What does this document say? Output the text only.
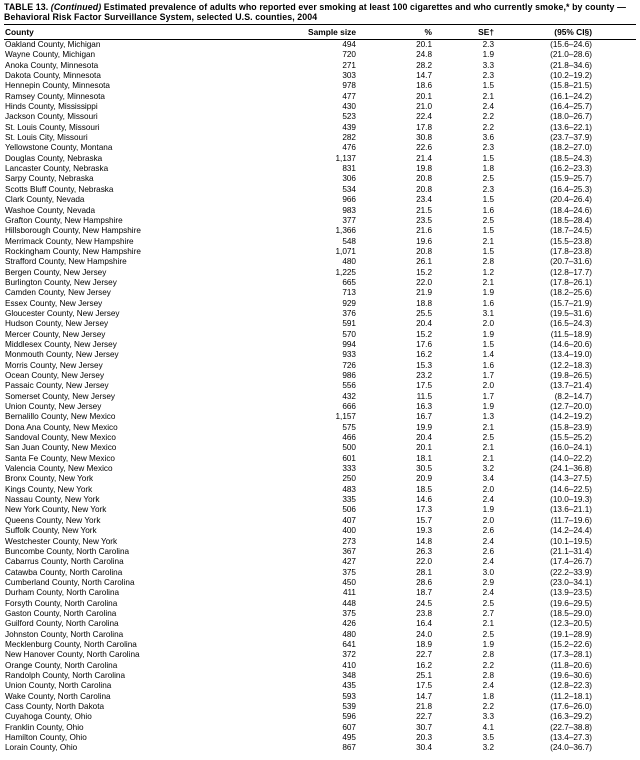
TABLE 13. (Continued) Estimated prevalence of adults who reported ever smoking at least 100 cigarettes and who currently smoke,* by county — Behavioral Risk Factor Surveillance System, selected U.S. counties, 2004
County	Sample size	%	SE†	(95% CI§)
Oakland County, Michigan	494	20.1	2.3	(15.6–24.6)
Wayne County, Michigan	720	24.8	1.9	(21.0–28.6)
Anoka County, Minnesota	271	28.2	3.3	(21.8–34.6)
Dakota County, Minnesota	303	14.7	2.3	(10.2–19.2)
Hennepin County, Minnesota	978	18.6	1.5	(15.8–21.5)
Ramsey County, Minnesota	477	20.1	2.1	(16.1–24.2)
Hinds County, Mississippi	430	21.0	2.4	(16.4–25.7)
Jackson County, Missouri	523	22.4	2.2	(18.0–26.7)
St. Louis County, Missouri	439	17.8	2.2	(13.6–22.1)
St. Louis City, Missouri	282	30.8	3.6	(23.7–37.9)
Yellowstone County, Montana	476	22.6	2.3	(18.2–27.0)
Douglas County, Nebraska	1,137	21.4	1.5	(18.5–24.3)
Lancaster County, Nebraska	831	19.8	1.8	(16.2–23.3)
Sarpy County, Nebraska	306	20.8	2.5	(15.9–25.7)
Scotts Bluff County, Nebraska	534	20.8	2.3	(16.4–25.3)
Clark County, Nevada	966	23.4	1.5	(20.4–26.4)
Washoe County, Nevada	983	21.5	1.6	(18.4–24.6)
Grafton County, New Hampshire	377	23.5	2.5	(18.5–28.4)
Hillsborough County, New Hampshire	1,366	21.6	1.5	(18.7–24.5)
Merrimack County, New Hampshire	548	19.6	2.1	(15.5–23.8)
Rockingham County, New Hampshire	1,071	20.8	1.5	(17.8–23.8)
Strafford County, New Hampshire	480	26.1	2.8	(20.7–31.6)
Bergen County, New Jersey	1,225	15.2	1.2	(12.8–17.7)
Burlington County, New Jersey	665	22.0	2.1	(17.8–26.1)
Camden County, New Jersey	713	21.9	1.9	(18.2–25.6)
Essex County, New Jersey	929	18.8	1.6	(15.7–21.9)
Gloucester County, New Jersey	376	25.5	3.1	(19.5–31.6)
Hudson County, New Jersey	591	20.4	2.0	(16.5–24.3)
Mercer County, New Jersey	570	15.2	1.9	(11.5–18.9)
Middlesex County, New Jersey	994	17.6	1.5	(14.6–20.6)
Monmouth County, New Jersey	933	16.2	1.4	(13.4–19.0)
Morris County, New Jersey	726	15.3	1.6	(12.2–18.3)
Ocean County, New Jersey	986	23.2	1.7	(19.8–26.5)
Passaic County, New Jersey	556	17.5	2.0	(13.7–21.4)
Somerset County, New Jersey	432	11.5	1.7	(8.2–14.7)
Union County, New Jersey	666	16.3	1.9	(12.7–20.0)
Bernalillo County, New Mexico	1,157	16.7	1.3	(14.2–19.2)
Dona Ana County, New Mexico	575	19.9	2.1	(15.8–23.9)
Sandoval County, New Mexico	466	20.4	2.5	(15.5–25.2)
San Juan County, New Mexico	500	20.1	2.1	(16.0–24.1)
Santa Fe County, New Mexico	601	18.1	2.1	(14.0–22.2)
Valencia County, New Mexico	333	30.5	3.2	(24.1–36.8)
Bronx County, New York	250	20.9	3.4	(14.3–27.5)
Kings County, New York	483	18.5	2.0	(14.6–22.5)
Nassau County, New York	335	14.6	2.4	(10.0–19.3)
New York County, New York	506	17.3	1.9	(13.6–21.1)
Queens County, New York	407	15.7	2.0	(11.7–19.6)
Suffolk County, New York	400	19.3	2.6	(14.2–24.4)
Westchester County, New York	273	14.8	2.4	(10.1–19.5)
Buncombe County, North Carolina	367	26.3	2.6	(21.1–31.4)
Cabarrus County, North Carolina	427	22.0	2.4	(17.4–26.7)
Catawba County, North Carolina	375	28.1	3.0	(22.2–33.9)
Cumberland County, North Carolina	450	28.6	2.9	(23.0–34.1)
Durham County, North Carolina	411	18.7	2.4	(13.9–23.5)
Forsyth County, North Carolina	448	24.5	2.5	(19.6–29.5)
Gaston County, North Carolina	375	23.8	2.7	(18.5–29.0)
Guilford County, North Carolina	426	16.4	2.1	(12.3–20.5)
Johnston County, North Carolina	480	24.0	2.5	(19.1–28.9)
Mecklenburg County, North Carolina	641	18.9	1.9	(15.2–22.6)
New Hanover County, North Carolina	372	22.7	2.8	(17.3–28.1)
Orange County, North Carolina	410	16.2	2.2	(11.8–20.6)
Randolph County, North Carolina	348	25.1	2.8	(19.6–30.6)
Union County, North Carolina	435	17.5	2.4	(12.8–22.3)
Wake County, North Carolina	593	14.7	1.8	(11.2–18.1)
Cass County, North Dakota	539	21.8	2.2	(17.6–26.0)
Cuyahoga County, Ohio	596	22.7	3.3	(16.3–29.2)
Franklin County, Ohio	607	30.7	4.1	(22.7–38.8)
Hamilton County, Ohio	495	20.3	3.5	(13.4–27.3)
Lorain County, Ohio	867	30.4	3.2	(24.0–36.7)
